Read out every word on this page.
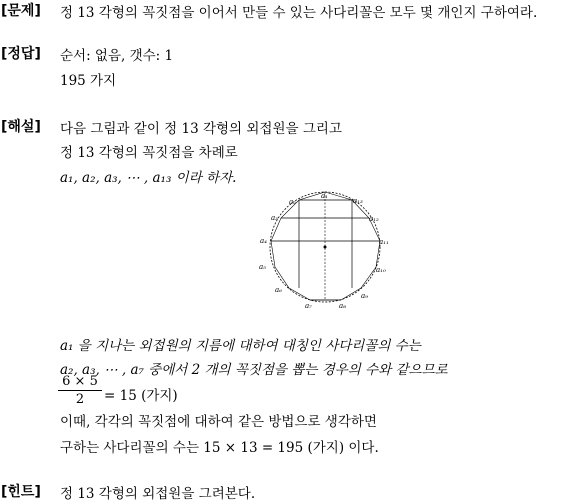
[문제] 정 13 각형의 꼭짓점을 이어서 만들 수 있는 사다리꼴은 모두 몇 개인지 구하여라.
[정답] 순서: 없음, 갯수: 1
195 가지
[해설] 다음 그림과 같이 정 13 각형의 외접원을 그리고
정 13 각형의 꼭짓점을 차례로
a₁, a₂, a₃, ⋯ , a₁₃ 이라 하자.
a₁
a₂
a₃
a₄
a₅
a₆
a₇	a₈
a₉
a₁₀
a₁₁
a₁₂
a₁₃
a₁ 을 지나는 외접원의 지름에 대하여 대칭인 사다리꼴의 수는
a₂, a₃, ⋯ , a₇ 중에서 2 개의 꼭짓점을 뽑는 경우의 수와 같으므로
$\frac{6 \times 5}{2} = 15$ (가지)
이때, 각각의 꼭짓점에 대하여 같은 방법으로 생각하면
구하는 사다리꼴의 수는 15 × 13 = 195 (가지) 이다.
[힌트] 정 13 각형의 외접원을 그려본다.
